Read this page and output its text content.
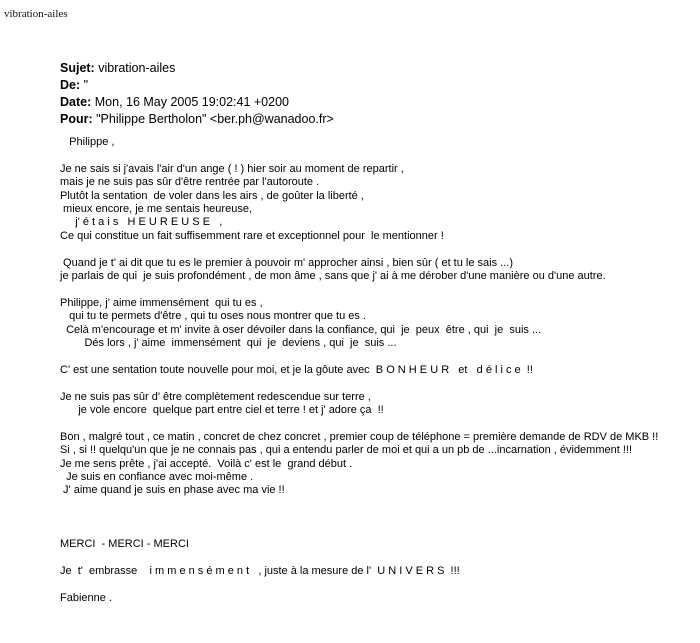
vibration-ailes
Sujet: vibration-ailes
De: "
Date: Mon, 16 May 2005 19:02:41 +0200
Pour: "Philippe Bertholon" <ber.ph@wanadoo.fr>
Philippe ,
Je ne sais si j'avais l'air d'un ange ( ! ) hier soir au moment de repartir ,
mais je ne suis pas sûr d'être rentrée par l'autoroute .
Plutôt la sentation  de voler dans les airs , de goûter la liberté ,
mieux encore, je me sentais heureuse,
j' é t a i s   H E U R E U S E   ,
Ce qui constitue un fait suffisemment rare et exceptionnel pour  le mentionner !
Quand je t' ai dit que tu es le premier à pouvoir m' approcher ainsi , bien sûr ( et tu le sais ...)
je parlais de qui  je suis profondément , de mon âme , sans que j' ai à me dérober d'une manière ou d'une autre.
Philippe, j' aime immensément  qui tu es ,
qui tu te permets d'être , qui tu oses nous montrer que tu es .
Celà m'encourage et m' invite à oser dévoiler dans la confiance, qui  je  peux  être , qui  je  suis ...
Dés lors , j' aime  immensément  qui  je  deviens , qui  je  suis ...
C' est une sentation toute nouvelle pour moi, et je la gôute avec  B O N H E U R   et   d é l i c e  !!
Je ne suis pas sûr d' être complètement redescendue sur terre ,
je vole encore  quelque part entre ciel et terre ! et j' adore ça  !!
Bon , malgré tout , ce matin , concret de chez concret , premier coup de téléphone = première demande de RDV de MKB !!
Si , si !! quelqu'un que je ne connais pas , qui a entendu parler de moi et qui a un pb de ...incarnation , évidemment !!!
Je me sens prête , j'ai accepté.  Voilà c' est le  grand début .
Je suis en confiance avec moi-même .
J' aime quand je suis en phase avec ma vie !!
MERCI  - MERCI - MERCI
Je  t'  embrasse    i m m e n s é m e n t   , juste à la mesure de l'  U N I V E R S  !!!
Fabienne .
